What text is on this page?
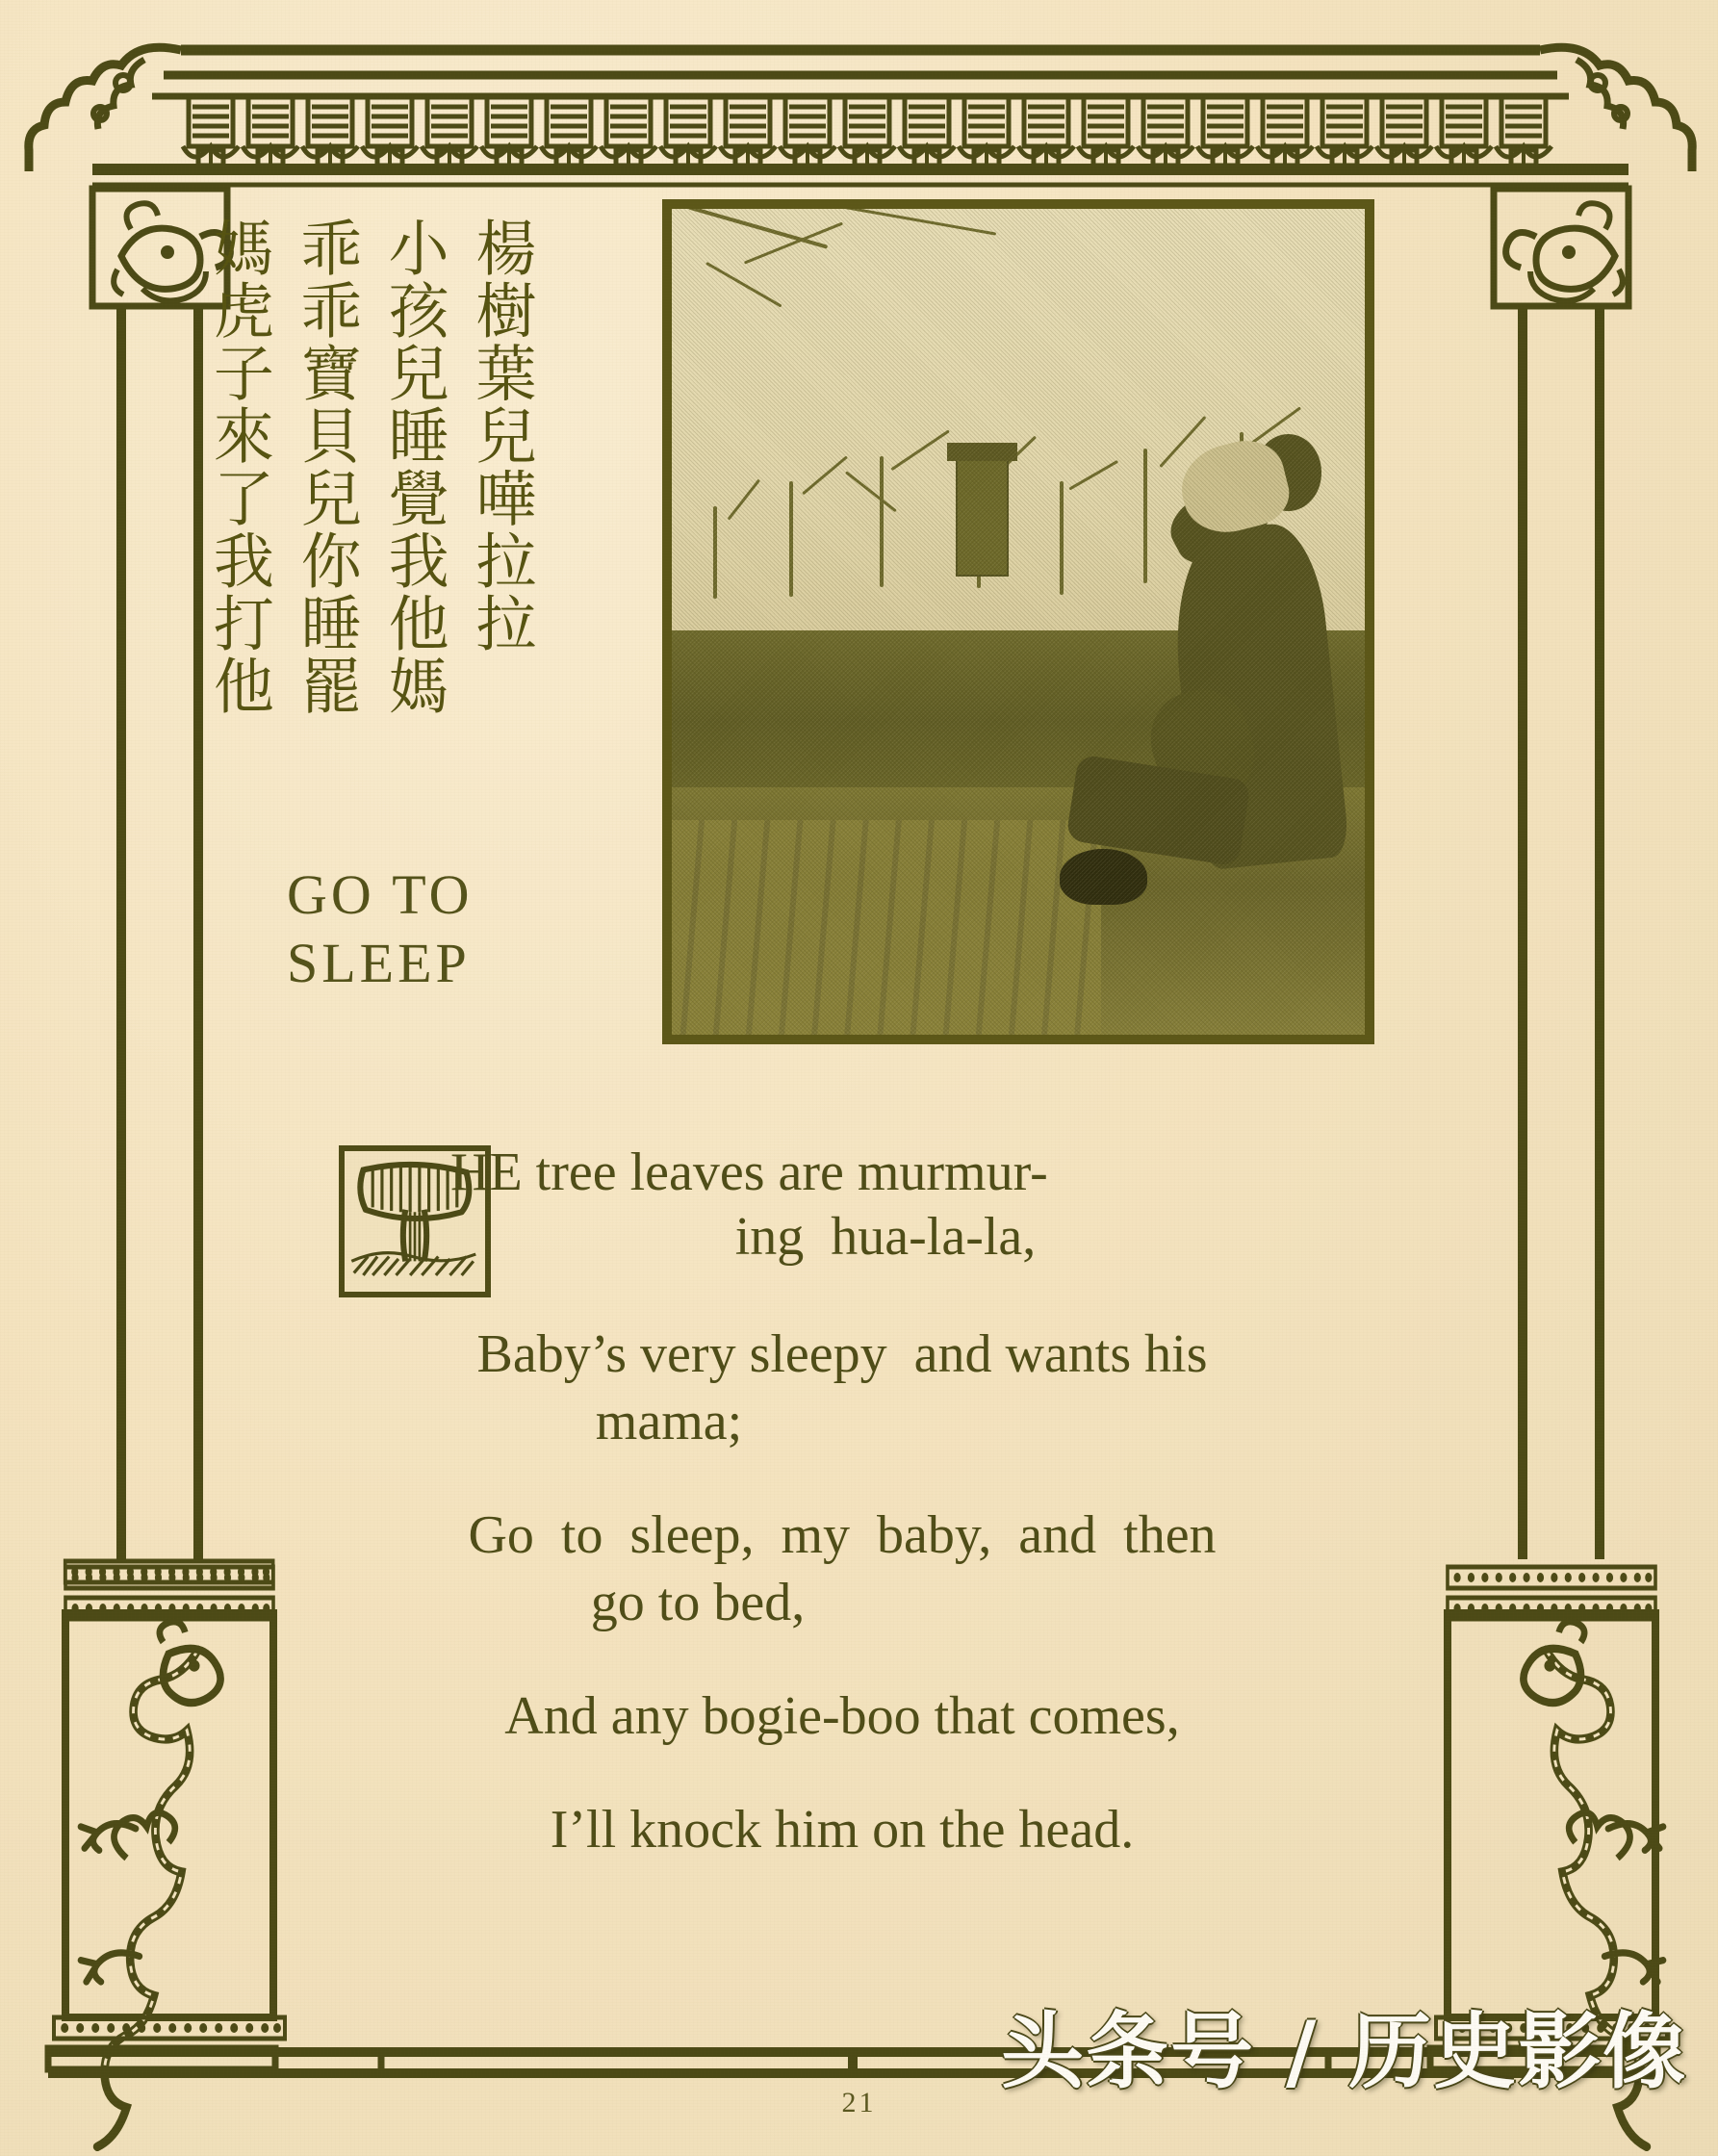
楊樹葉兒嘩拉拉
小孩兒睡覺我他媽
乖乖寶貝兒你睡罷
媽虎子來了我打他
GO TO
SLEEP
HE tree leaves are murmur-
ing  hua-la-la,
Baby’s very sleepy  and wants his
mama;
Go  to  sleep,  my  baby,  and  then
go to bed,
And any bogie-boo that comes,
I’ll knock him on the head.
21
头条号 / 历史影像
